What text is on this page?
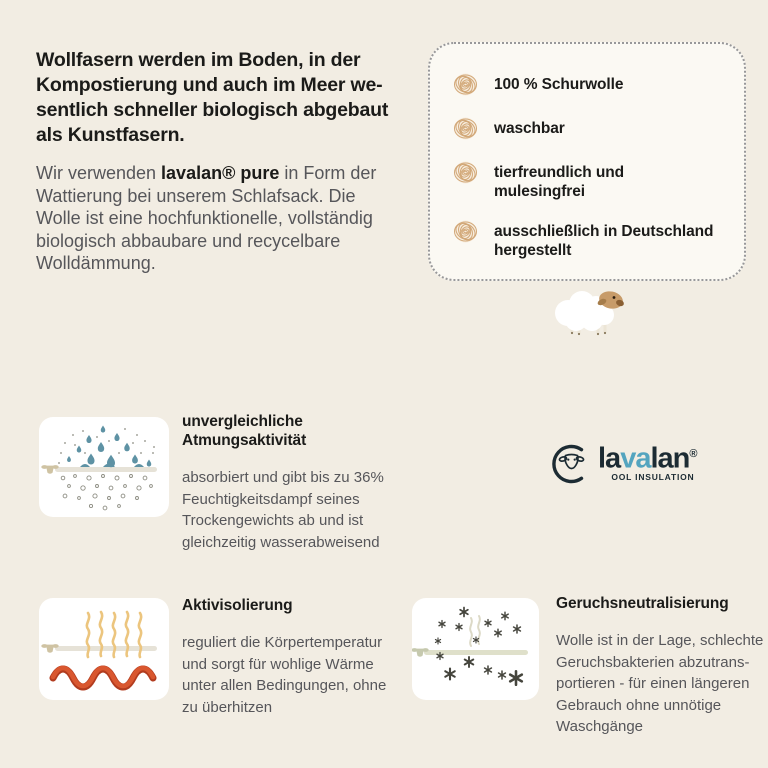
Wollfasern werden im Boden, in der
Kompostierung und auch im Meer we-
sentlich schneller biologisch abgebaut
als Kunstfasern.

Wir verwenden lavalan® pure in Form der Wattierung bei unserem Schlafsack. Die Wolle ist eine hochfunktionelle, vollständig biologisch abbaubare und recycelbare Wolldämmung.

100 % Schurwolle
waschbar
tierfreundlich und mulesingfrei
ausschließlich in Deutschland hergestellt
unvergleichliche Atmungsaktivität
absorbiert und gibt bis zu 36%
Feuchtigkeitsdampf seines
Trockengewichts ab und ist
gleichzeitig wasserabweisend
lavalan®
OOL INSULATION
Aktivisolierung
reguliert die Körpertemperatur
und sorgt für wohlige Wärme
unter allen Bedingungen, ohne
zu überhitzen
Geruchsneutralisierung
Wolle ist in der Lage, schlechte
Geruchsbakterien abzutrans-
portieren - für einen längeren
Gebrauch ohne unnötige
Waschgänge
